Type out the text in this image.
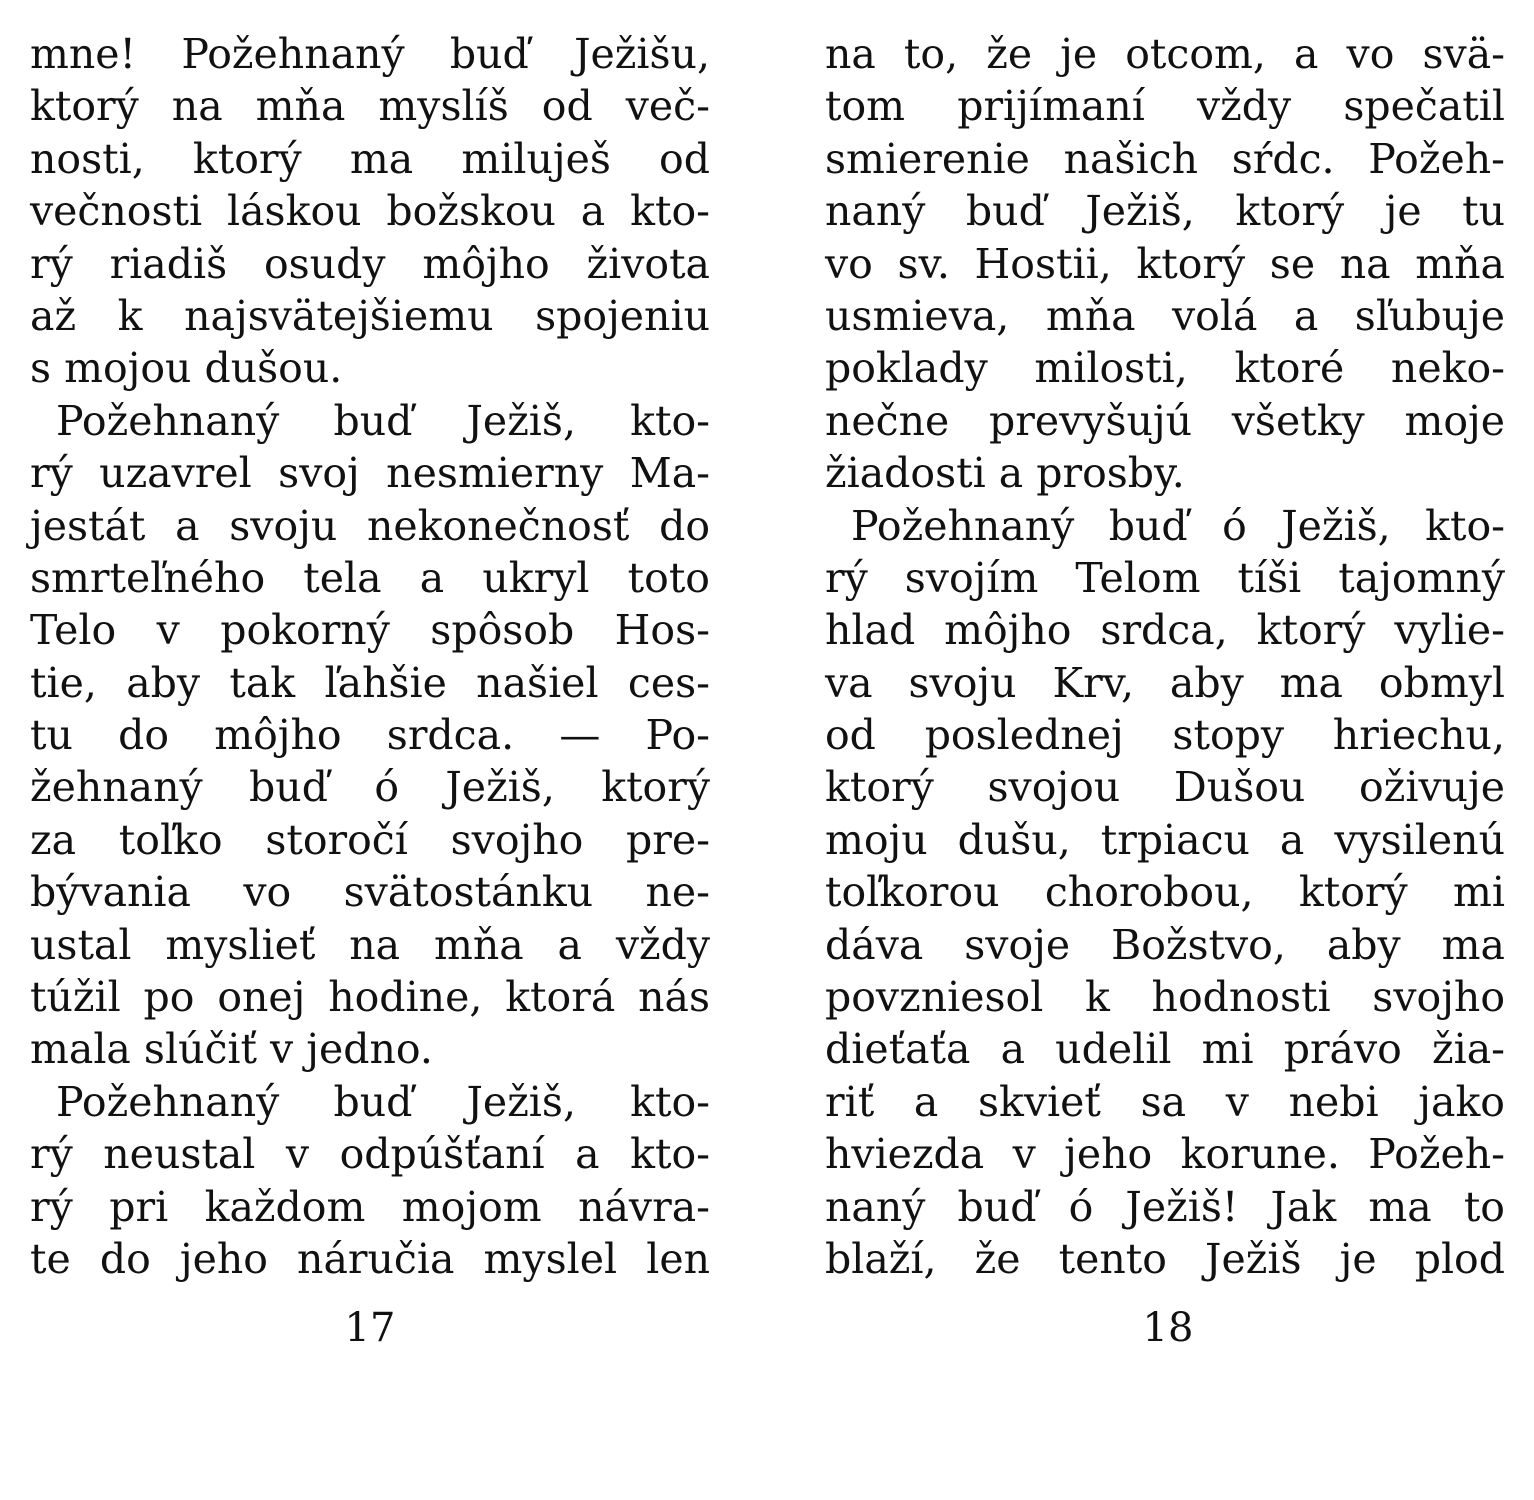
mne! Požehnaný buď Ježišu,
ktorý na mňa myslíš od več-
nosti, ktorý ma miluješ od
večnosti láskou božskou a kto-
rý riadiš osudy môjho života
až k najsvätejšiemu spojeniu
s mojou dušou.
Požehnaný buď Ježiš, kto-
rý uzavrel svoj nesmierny Ma-
jestát a svoju nekonečnosť do
smrteľného tela a ukryl toto
Telo v pokorný spôsob Hos-
tie, aby tak ľahšie našiel ces-
tu do môjho srdca. — Po-
žehnaný buď ó Ježiš, ktorý
za toľko storočí svojho pre-
bývania vo svätostánku ne-
ustal myslieť na mňa a vždy
túžil po onej hodine, ktorá nás
mala slúčiť v jedno.
Požehnaný buď Ježiš, kto-
rý neustal v odpúšťaní a kto-
rý pri každom mojom návra-
te do jeho náručia myslel len
na to, že je otcom, a vo svä-
tom prijímaní vždy spečatil
smierenie našich sŕdc. Požeh-
naný buď Ježiš, ktorý je tu
vo sv. Hostii, ktorý se na mňa
usmieva, mňa volá a sľubuje
poklady milosti, ktoré neko-
nečne prevyšujú všetky moje
žiadosti a prosby.
Požehnaný buď ó Ježiš, kto-
rý svojím Telom tíši tajomný
hlad môjho srdca, ktorý vylie-
va svoju Krv, aby ma obmyl
od poslednej stopy hriechu,
ktorý svojou Dušou oživuje
moju dušu, trpiacu a vysilenú
toľkorou chorobou, ktorý mi
dáva svoje Božstvo, aby ma
povzniesol k hodnosti svojho
dieťaťa a udelil mi právo žia-
riť a skvieť sa v nebi jako
hviezda v jeho korune. Požeh-
naný buď ó Ježiš! Jak ma to
blaží, že tento Ježiš je plod
17	18
